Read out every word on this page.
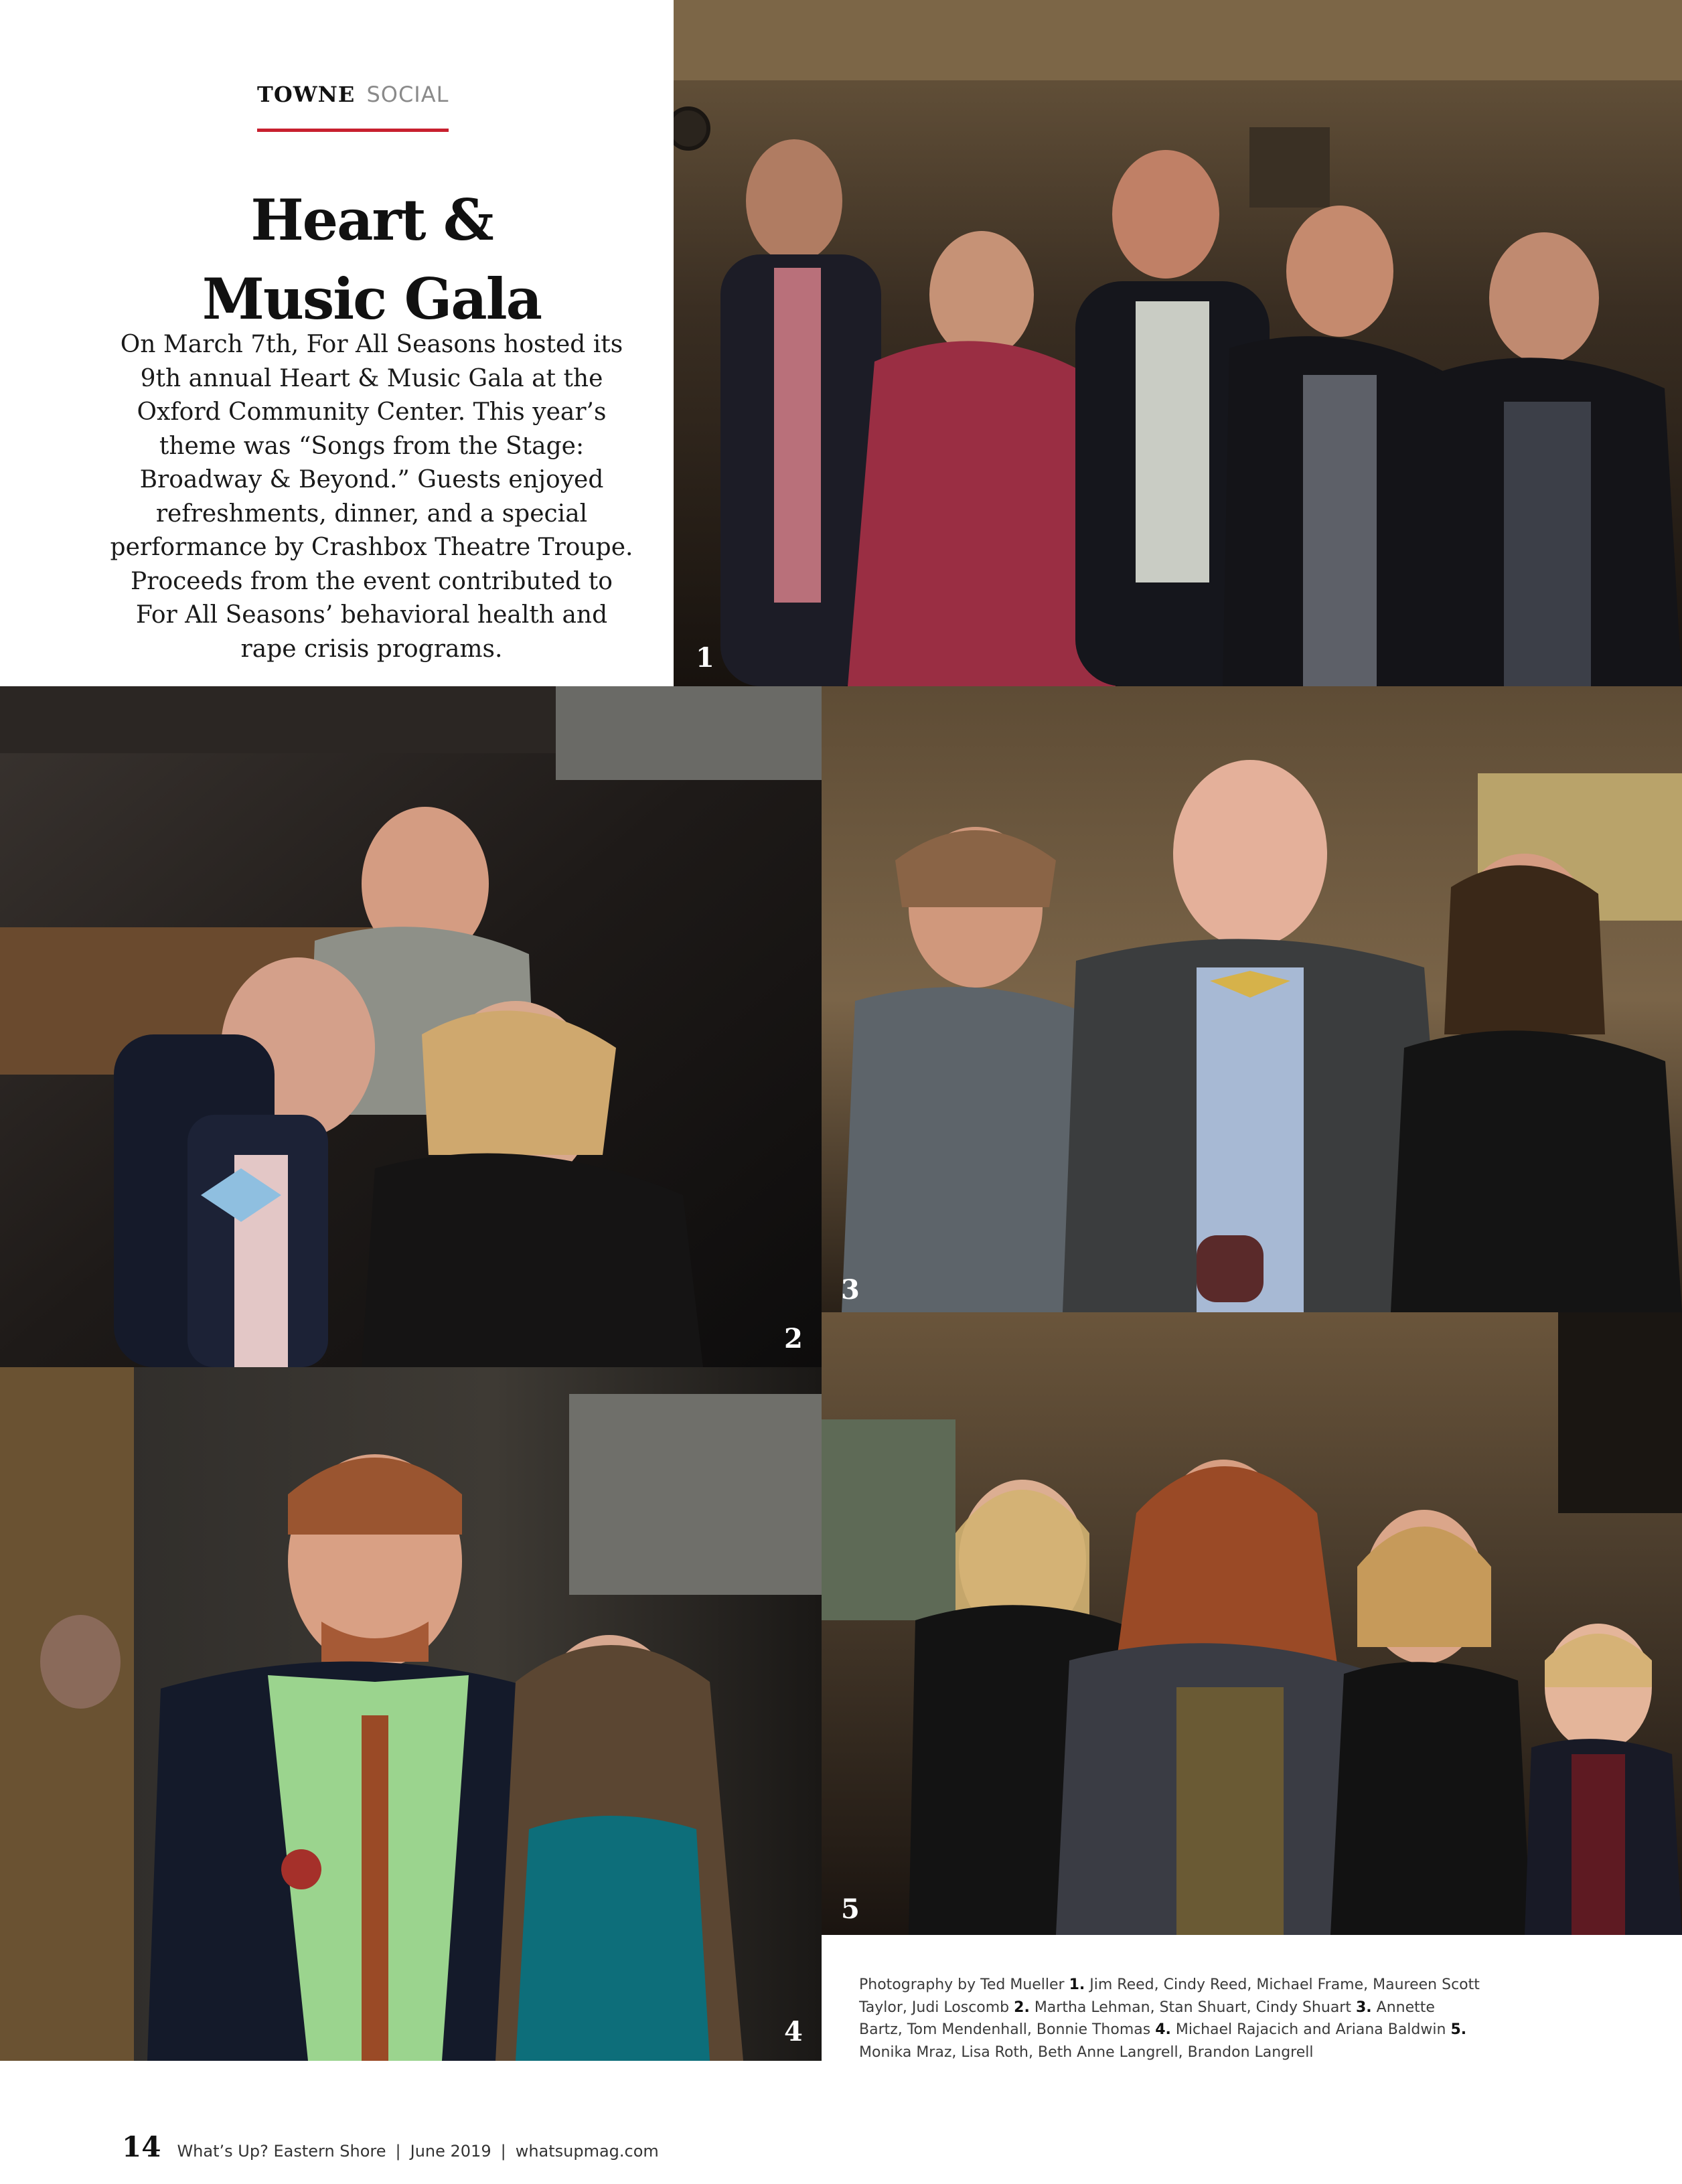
TOWNE SOCIAL
Heart &
Music Gala
On March 7th, For All Seasons hosted its 9th annual Heart & Music Gala at the Oxford Community Center. This year’s theme was “Songs from the Stage: Broadway & Beyond.” Guests enjoyed refreshments, dinner, and a special performance by Crashbox Theatre Troupe. Proceeds from the event contributed to For All Seasons’ behavioral health and rape crisis programs.	1
2
3
4
5
Photography by Ted Mueller 1. Jim Reed, Cindy Reed, Michael Frame, Maureen Scott Taylor, Judi Loscomb 2. Martha Lehman, Stan Shuart, Cindy Shuart 3. Annette Bartz, Tom Mendenhall, Bonnie Thomas 4. Michael Rajacich and Ariana Baldwin 5. Monika Mraz, Lisa Roth, Beth Anne Langrell, Brandon Langrell
14 What’s Up? Eastern Shore | June 2019 | whatsupmag.com
